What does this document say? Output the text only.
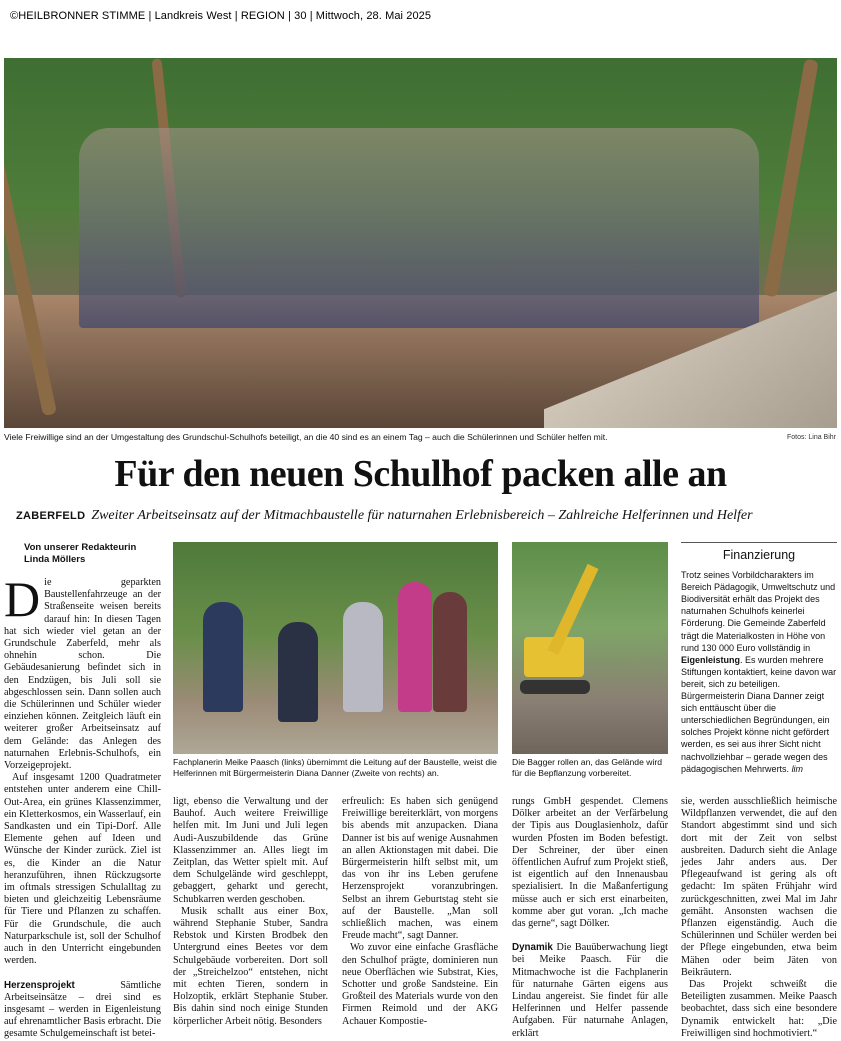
©HEILBRONNER STIMME | Landkreis West | REGION | 30 | Mittwoch, 28. Mai 2025
Viele Freiwillige sind an der Umgestaltung des Grundschul-Schulhofs beteiligt, an die 40 sind es an einem Tag – auch die Schülerinnen und Schüler helfen mit.	Fotos: Lina Bihr
Für den neuen Schulhof packen alle an
ZABERFELD Zweiter Arbeitseinsatz auf der Mitmachbaustelle für naturnahen Erlebnisbereich – Zahlreiche Helferinnen und Helfer
Von unserer Redakteurin
Linda Möllers

Die geparkten Baustellenfahrzeuge an der Straßenseite weisen bereits darauf hin: In diesen Tagen hat sich wieder viel getan an der Grundschule Zaberfeld, mehr als ohnehin schon. Die Gebäudesanierung befindet sich in den Endzügen, bis Juli soll sie abgeschlossen sein. Dann sollen auch die Schülerinnen und Schüler wieder einziehen können. Zeitgleich läuft ein weiterer großer Arbeitseinsatz auf dem Gelände: das Anlegen des naturnahen Erlebnis-Schulhofs, ein Vorzeigeprojekt.

Auf insgesamt 1200 Quadratmeter entstehen unter anderem eine Chill-Out-Area, ein grünes Klassenzimmer, ein Kletterkosmos, ein Wasserlauf, ein Sandkasten und ein Tipi-Dorf. Alle Elemente gehen auf Ideen und Wünsche der Kinder zurück. Ziel ist es, die Kinder an die Natur heranzuführen, ihnen Rückzugsorte im oftmals stressigen Schulalltag zu bieten und gleichzeitig Lebensräume für Tiere und Pflanzen zu schaffen. Für die Grundschule, die auch Naturparkschule ist, soll der Schulhof auch in den Unterricht eingebunden werden.

Herzensprojekt Sämtliche Arbeitseinsätze – drei sind es insgesamt – werden in Eigenleistung auf ehrenamtlicher Basis erbracht. Die gesamte Schulgemeinschaft ist betei-

Fachplanerin Meike Paasch (links) übernimmt die Leitung auf der Baustelle, weist die Helferinnen mit Bürgermeisterin Diana Danner (Zweite von rechts) an.
Die Bagger rollen an, das Gelände wird für die Bepflanzung vorbereitet.
Finanzierung
Trotz seines Vorbildcharakters im Bereich Pädagogik, Umweltschutz und Biodiversität erhält das Projekt des naturnahen Schulhofs keinerlei Förderung. Die Gemeinde Zaberfeld trägt die Materialkosten in Höhe von rund 130 000 Euro vollständig in Eigenleistung. Es wurden mehrere Stiftungen kontaktiert, keine davon war bereit, sich zu beteiligen. Bürgermeisterin Diana Danner zeigt sich enttäuscht über die unterschiedlichen Begründungen, ein solches Projekt könne nicht gefördert werden, es sei aus ihrer Sicht nicht nachvollziehbar – gerade wegen des pädagogischen Mehrwerts. lim

ligt, ebenso die Verwaltung und der Bauhof. Auch weitere Freiwillige helfen mit. Im Juni und Juli legen Audi-Auszubildende das Grüne Klassenzimmer an. Alles liegt im Zeitplan, das Wetter spielt mit. Auf dem Schulgelände wird geschleppt, gebaggert, geharkt und gerecht, Schubkarren werden geschoben.

Musik schallt aus einer Box, während Stephanie Stuber, Sandra Rebstok und Kirsten Brodbek den Untergrund eines Beetes vor dem Schulgebäude vorbereiten. Dort soll der „Streichelzoo“ entstehen, nicht mit echten Tieren, sondern in Holzoptik, erklärt Stephanie Stuber. Bis dahin sind noch einige Stunden körperlicher Arbeit nötig. Besonders

erfreulich: Es haben sich genügend Freiwillige bereiterklärt, von morgens bis abends mit anzupacken. Diana Danner ist bis auf wenige Ausnahmen an allen Aktionstagen mit dabei. Die Bürgermeisterin hilft selbst mit, um das von ihr ins Leben gerufene Herzensprojekt voranzubringen. Selbst an ihrem Geburtstag steht sie auf der Baustelle. „Man soll schließlich machen, was einem Freude macht“, sagt Danner.

Wo zuvor eine einfache Grasfläche den Schulhof prägte, dominieren nun neue Oberflächen wie Substrat, Kies, Schotter und große Sandsteine. Ein Großteil des Materials wurde von den Firmen Reimold und der AKG Achauer Kompostie-

rungs GmbH gespendet. Clemens Dölker arbeitet an der Verfärbelung der Tipis aus Douglasienholz, dafür wurden Pfosten im Boden befestigt. Der Schreiner, der über einen öffentlichen Aufruf zum Projekt stieß, ist eigentlich auf den Innenausbau spezialisiert. In die Maßanfertigung müsse auch er sich erst einarbeiten, komme aber gut voran. „Ich mache das gerne“, sagt Dölker.

Dynamik Die Bauüberwachung liegt bei Meike Paasch. Für die Mitmachwoche ist die Fachplanerin für naturnahe Gärten eigens aus Lindau angereist. Sie findet für alle Helferinnen und Helfer passende Aufgaben. Für naturnahe Anlagen, erklärt

sie, werden ausschließlich heimische Wildpflanzen verwendet, die auf den Standort abgestimmt sind und sich dort mit der Zeit von selbst ausbreiten. Dadurch sieht die Anlage jedes Jahr anders aus. Der Pflegeaufwand ist gering als oft gedacht: Im späten Frühjahr wird zurückgeschnitten, zwei Mal im Jahr gemäht. Ansonsten wachsen die Pflanzen eigenständig. Auch die Schülerinnen und Schüler werden bei der Pflege eingebunden, etwa beim Mähen oder beim Jäten von Beikräutern.

Das Projekt schweißt die Beteiligten zusammen. Meike Paasch beobachtet, dass sich eine besondere Dynamik entwickelt hat: „Die Freiwilligen sind hochmotiviert.“
